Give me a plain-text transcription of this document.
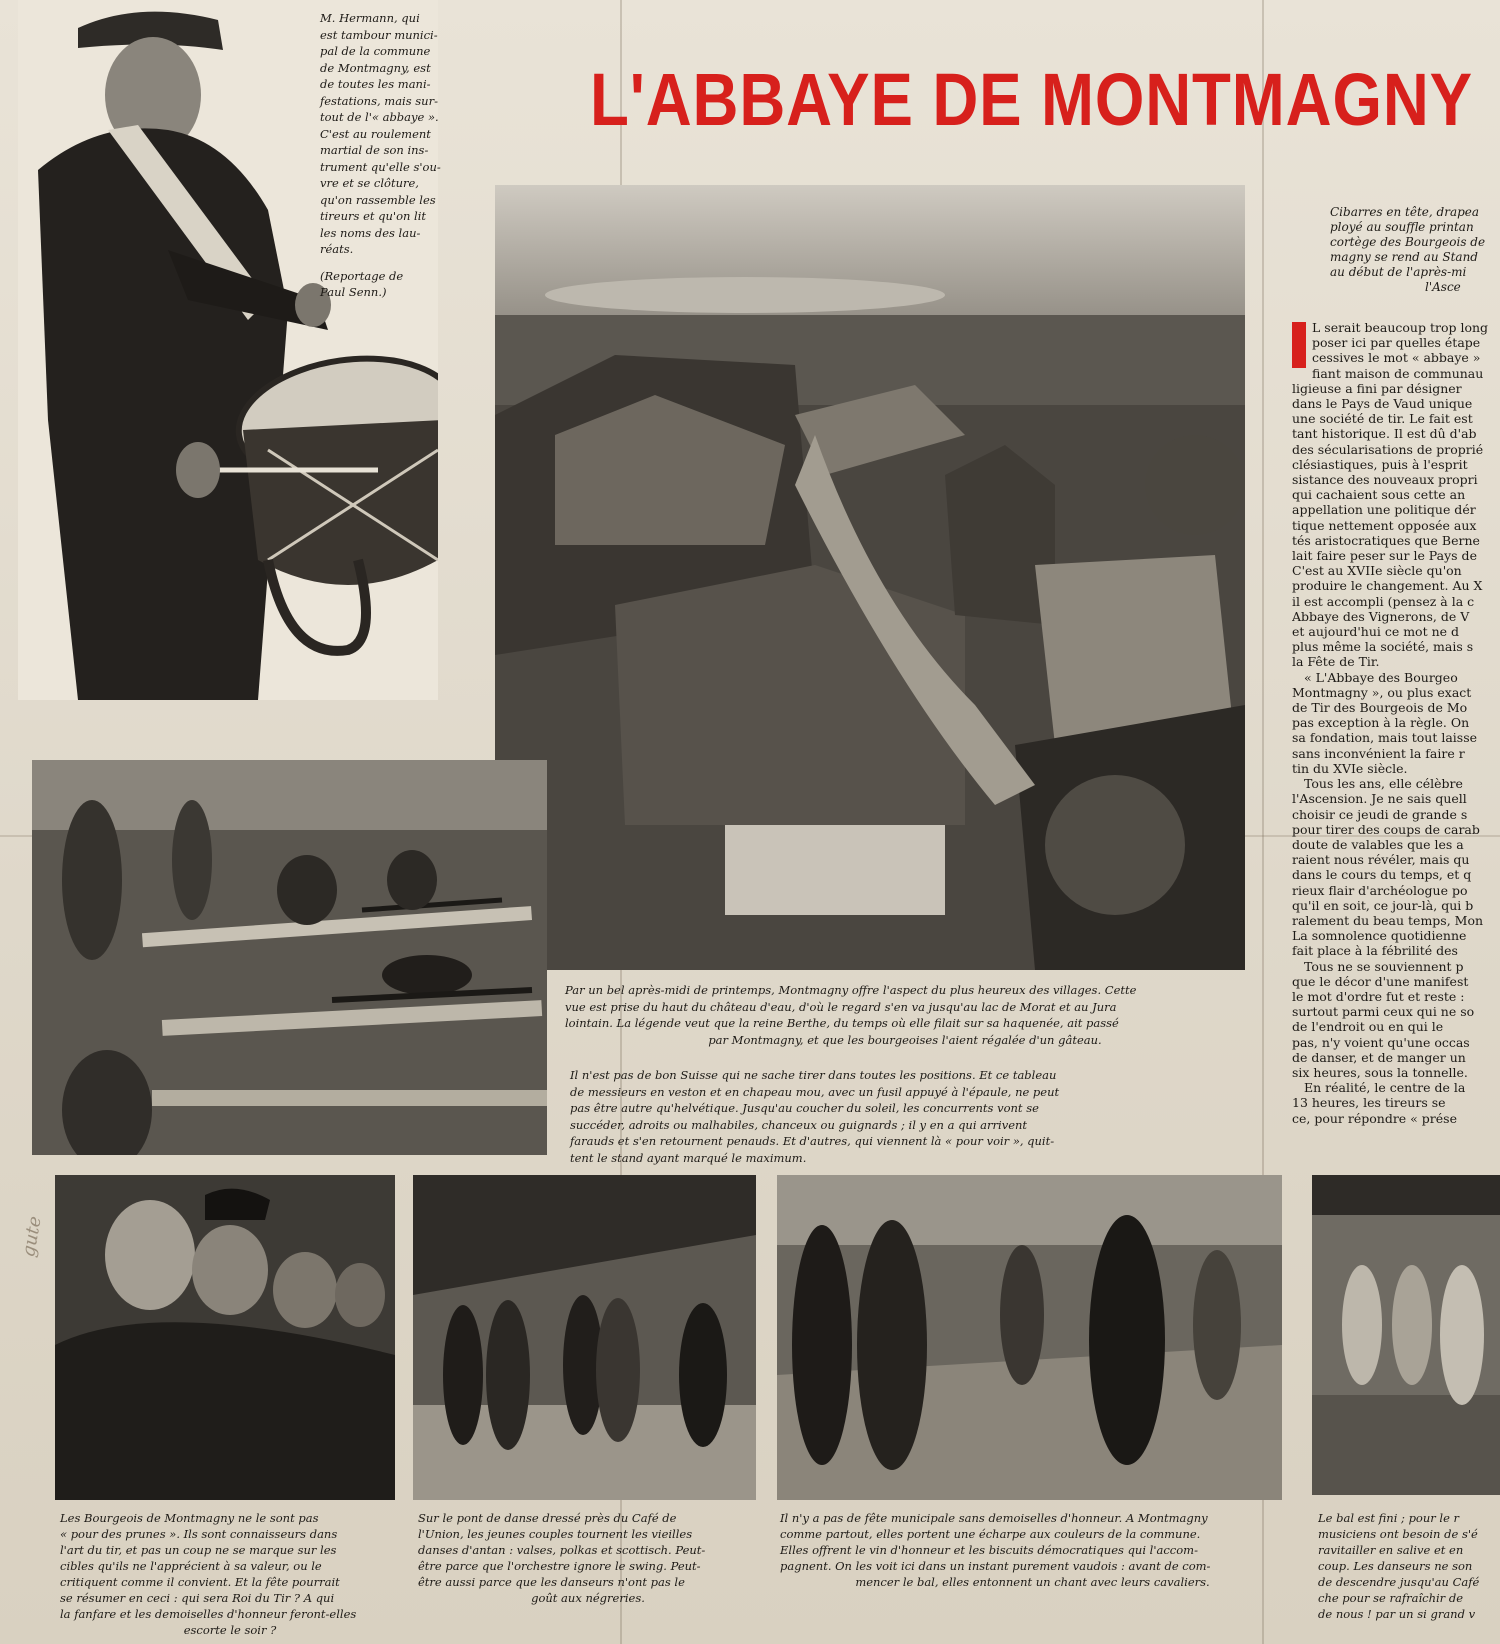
L'ABBAYE DE MONTMAGNY

M. Hermann, qui
est tambour munici-
pal de la commune
de Montmagny, est
de toutes les mani-
festations, mais sur-
tout de l'« abbaye ».
C'est au roulement
martial de son ins-
trument qu'elle s'ou-
vre et se clôture,
qu'on rassemble les
tireurs et qu'on lit
les noms des lau-
réats.
(Reportage de
Paul Senn.)

Par un bel après-midi de printemps, Montmagny offre l'aspect du plus heureux des villages. Cette
vue est prise du haut du château d'eau, d'où le regard s'en va jusqu'au lac de Morat et au Jura
lointain. La légende veut que la reine Berthe, du temps où elle filait sur sa haquenée, ait passé
par Montmagny, et que les bourgeoises l'aient régalée d'un gâteau.

Il n'est pas de bon Suisse qui ne sache tirer dans toutes les positions. Et ce tableau
de messieurs en veston et en chapeau mou, avec un fusil appuyé à l'épaule, ne peut
pas être autre qu'helvétique. Jusqu'au coucher du soleil, les concurrents vont se
succéder, adroits ou malhabiles, chanceux ou guignards ; il y en a qui arrivent
farauds et s'en retournent penauds. Et d'autres, qui viennent là « pour voir », quit-
tent le stand ayant marqué le maximum.

Cibarres en tête, drapea
ployé au souffle printan
cortège des Bourgeois de
magny se rend au Stand
au début de l'après-mi
l'Asce

L serait beaucoup trop long

poser ici par quelles étape

cessives le mot « abbaye »

fiant maison de communau

ligieuse a fini par désigner

dans le Pays de Vaud unique

une société de tir. Le fait est

tant historique. Il est dû d'ab

des sécularisations de proprié

clésiastiques, puis à l'esprit

sistance des nouveaux propri

qui cachaient sous cette an

appellation une politique dér

tique nettement opposée aux

tés aristocratiques que Berne

lait faire peser sur le Pays de

C'est au XVIIe siècle qu'on

produire le changement. Au X

il est accompli (pensez à la c

Abbaye des Vignerons, de V

et aujourd'hui ce mot ne d

plus même la société, mais s

la Fête de Tir.

« L'Abbaye des Bourgeo

Montmagny », ou plus exact

de Tir des Bourgeois de Mo

pas exception à la règle. On

sa fondation, mais tout laisse

sans inconvénient la faire r

tin du XVIe siècle.

Tous les ans, elle célèbre

l'Ascension. Je ne sais quell

choisir ce jeudi de grande s

pour tirer des coups de carab

doute de valables que les a

raient nous révéler, mais qu

dans le cours du temps, et q

rieux flair d'archéologue po

qu'il en soit, ce jour-là, qui b

ralement du beau temps, Mon

La somnolence quotidienne

fait place à la fébrilité des

Tous ne se souviennent p

que le décor d'une manifest

le mot d'ordre fut et reste :

surtout parmi ceux qui ne so

de l'endroit ou en qui le

pas, n'y voient qu'une occas

de danser, et de manger un

six heures, sous la tonnelle.

En réalité, le centre de la

13 heures, les tireurs se

ce, pour répondre « prése

Les Bourgeois de Montmagny ne le sont pas
« pour des prunes ». Ils sont connaisseurs dans
l'art du tir, et pas un coup ne se marque sur les
cibles qu'ils ne l'apprécient à sa valeur, ou le
critiquent comme il convient. Et la fête pourrait
se résumer en ceci : qui sera Roi du Tir ? A qui
la fanfare et les demoiselles d'honneur feront-elles
escorte le soir ?

Sur le pont de danse dressé près du Café de
l'Union, les jeunes couples tournent les vieilles
danses d'antan : valses, polkas et scottisch. Peut-
être parce que l'orchestre ignore le swing. Peut-
être aussi parce que les danseurs n'ont pas le
goût aux négreries.

Il n'y a pas de fête municipale sans demoiselles d'honneur. A Montmagny
comme partout, elles portent une écharpe aux couleurs de la commune.
Elles offrent le vin d'honneur et les biscuits démocratiques qui l'accom-
pagnent. On les voit ici dans un instant purement vaudois : avant de com-
mencer le bal, elles entonnent un chant avec leurs cavaliers.

Le bal est fini ; pour le r
musiciens ont besoin de s'é
ravitailler en salive et en
coup. Les danseurs ne son
de descendre jusqu'au Café
che pour se rafraîchir de
de nous ! par un si grand v

gute
